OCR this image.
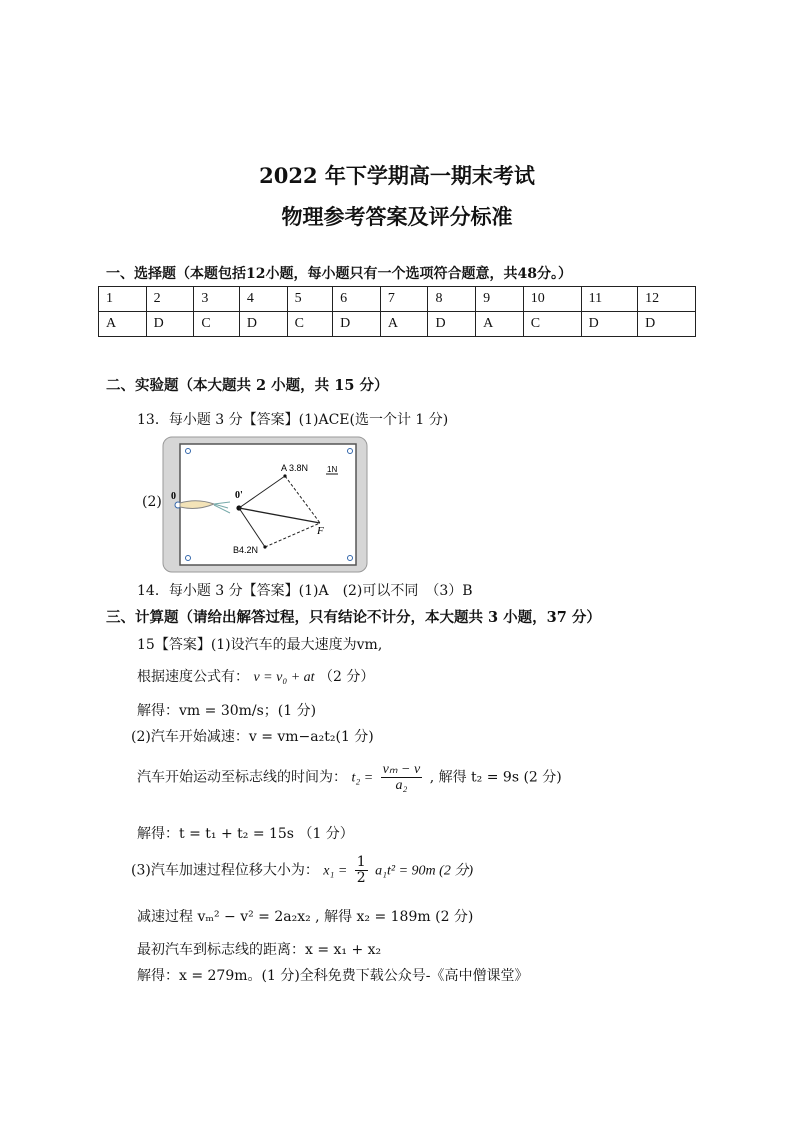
2022 年下学期高一期末考试
物理参考答案及评分标准
一、选择题（本题包括12小题，每小题只有一个选项符合题意，共48分。）
1	2	3	4	5	6	7	8	9	10	11	12
A	D	C	D	C	D	A	D	A	C	D	D
二、实验题（本大题共 2 小题，共 15 分）
13．每小题 3 分【答案】(1)ACE(选一个计 1 分)
(2) 0	0'
A 3.8N
B4.2N
F
1N
14．每小题 3 分【答案】(1)A　(2)可以不同　（3）B
三、计算题（请给出解答过程，只有结论不计分，本大题共 3 小题，37 分）
15【答案】(1)设汽车的最大速度为vm,
根据速度公式有： v = v₀ + at （2 分）
解得：vm = 30m/s；(1 分)
(2)汽车开始减速：v = vm−a₂t₂(1 分)
汽车开始运动至标志线的时间为： $t_2 = \frac{\text{vₘ − v}}{\text{a₂}}$ , 解得 t₂ = 9s (2 分)
解得：t = t₁ + t₂ = 15s （1 分）
(3)汽车加速过程位移大小为： $x_1 = \frac{1}{2} a_1t^2 = 90m$ (2 分)
减速过程 vₘ² − v² = 2a₂x₂ , 解得 x₂ = 189m (2 分)
最初汽车到标志线的距离：x = x₁ + x₂
解得：x = 279m。(1 分)全科免费下载公众号-《高中僧课堂》
